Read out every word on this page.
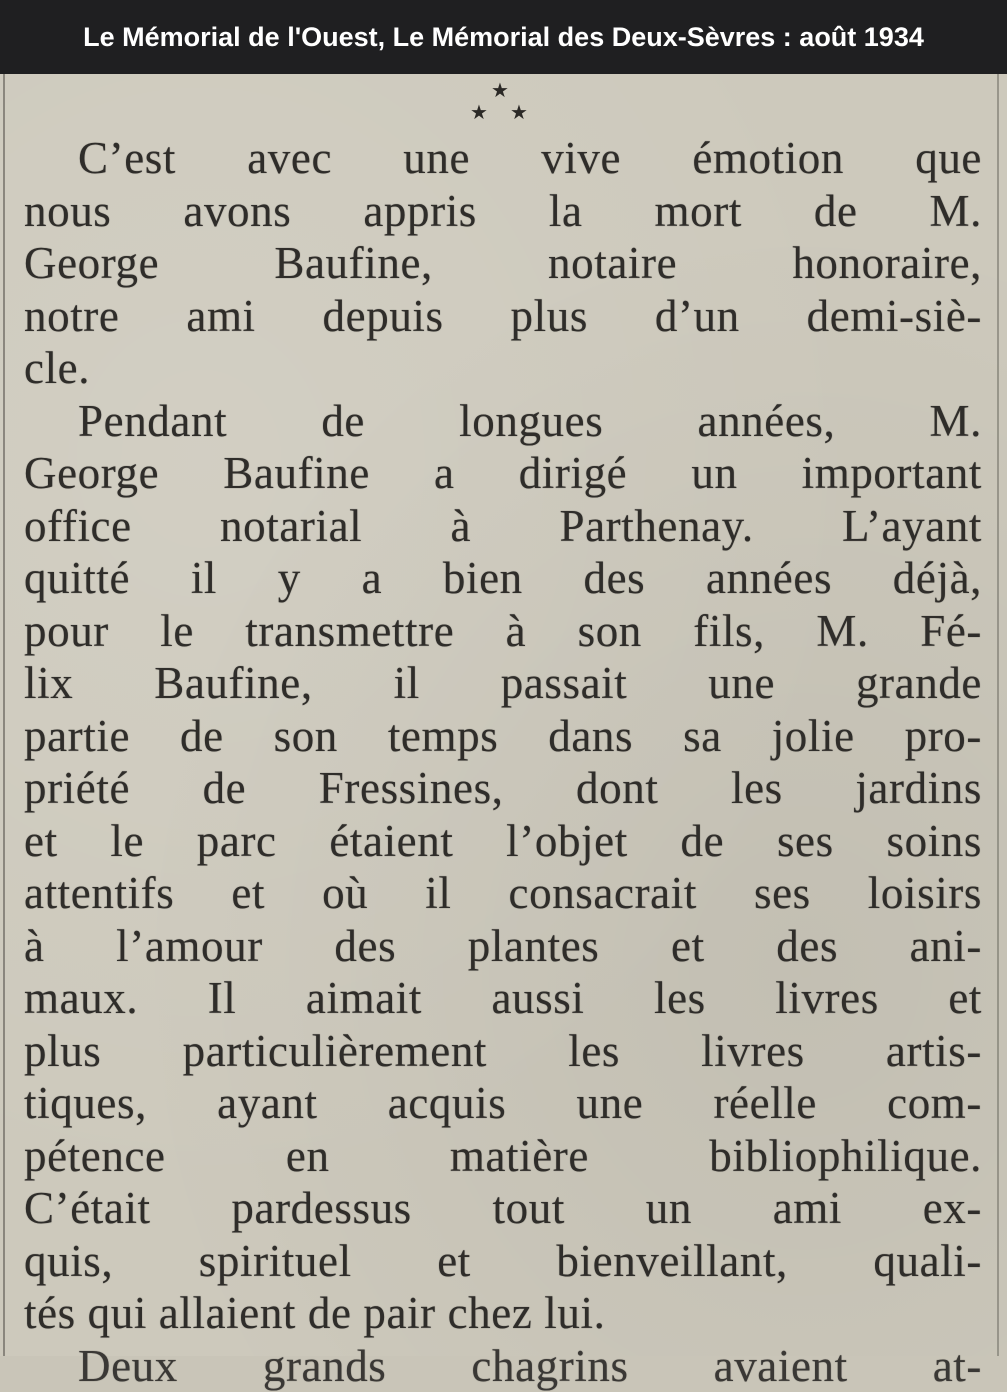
Le Mémorial de l'Ouest, Le Mémorial des Deux-Sèvres : août 1934
★
★ ★
C’est avec une vive émotion que
nous avons appris la mort de M.
George Baufine, notaire honoraire,
notre ami depuis plus d’un demi-siè-
cle.
Pendant de longues années, M.
George Baufine a dirigé un important
office notarial à Parthenay. L’ayant
quitté il y a bien des années déjà,
pour le transmettre à son fils, M. Fé-
lix Baufine, il passait une grande
partie de son temps dans sa jolie pro-
priété de Fressines, dont les jardins
et le parc étaient l’objet de ses soins
attentifs et où il consacrait ses loisirs
à l’amour des plantes et des ani-
maux. Il aimait aussi les livres et
plus particulièrement les livres artis-
tiques, ayant acquis une réelle com-
pétence en matière bibliophilique.
C’était pardessus tout un ami ex-
quis, spirituel et bienveillant, quali-
tés qui allaient de pair chez lui.
Deux grands chagrins avaient at-
